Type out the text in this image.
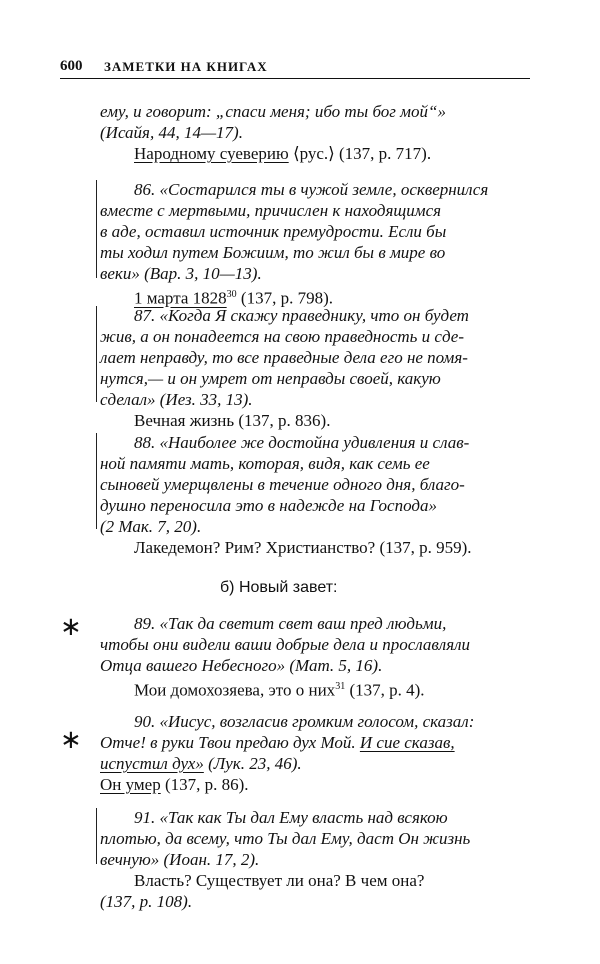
600 ЗАМЕТКИ НА КНИГАХ
ему, и говорит: „спаси меня; ибо ты бог мой“»
(Исайя, 44, 14—17).
Народному суеверию ⟨рус.⟩ (137, p. 717).
86. «Состарился ты в чужой земле, осквернился
вместе с мертвыми, причислен к находящимся
в аде, оставил источник премудрости. Если бы
ты ходил путем Божиим, то жил бы в мире во
веки» (Вар. 3, 10—13).
1 марта 1828$^{30}$ (137, p. 798).
87. «Когда Я скажу праведнику, что он будет
жив, а он понадеется на свою праведность и сде-
лает неправду, то все праведные дела его не помя-
нутся,— и он умрет от неправды своей, какую
сделал» (Иез. 33, 13).
Вечная жизнь (137, p. 836).
88. «Наиболее же достойна удивления и слав-
ной памяти мать, которая, видя, как семь ее
сыновей умерщвлены в течение одного дня, благо-
душно переносила это в надежде на Господа»
(2 Мак. 7, 20).
Лакедемон? Рим? Христианство? (137, p. 959).
б) Новый завет:
∗	89. «Так да светит свет ваш пред людьми,
чтобы они видели ваши добрые дела и прославляли
Отца вашего Небесного» (Мат. 5, 16).
Мои домохозяева, это о них$^{31}$ (137, p. 4).
∗
90. «Иисус, возгласив громким голосом, сказал:
Отче! в руки Твои предаю дух Мой. И сие сказав,
испустил дух» (Лук. 23, 46).
Он умер (137, p. 86).
91. «Так как Ты дал Ему власть над всякою
плотью, да всему, что Ты дал Ему, даст Он жизнь
вечную» (Иоан. 17, 2).
Власть? Существует ли она? В чем она?
(137, p. 108).
